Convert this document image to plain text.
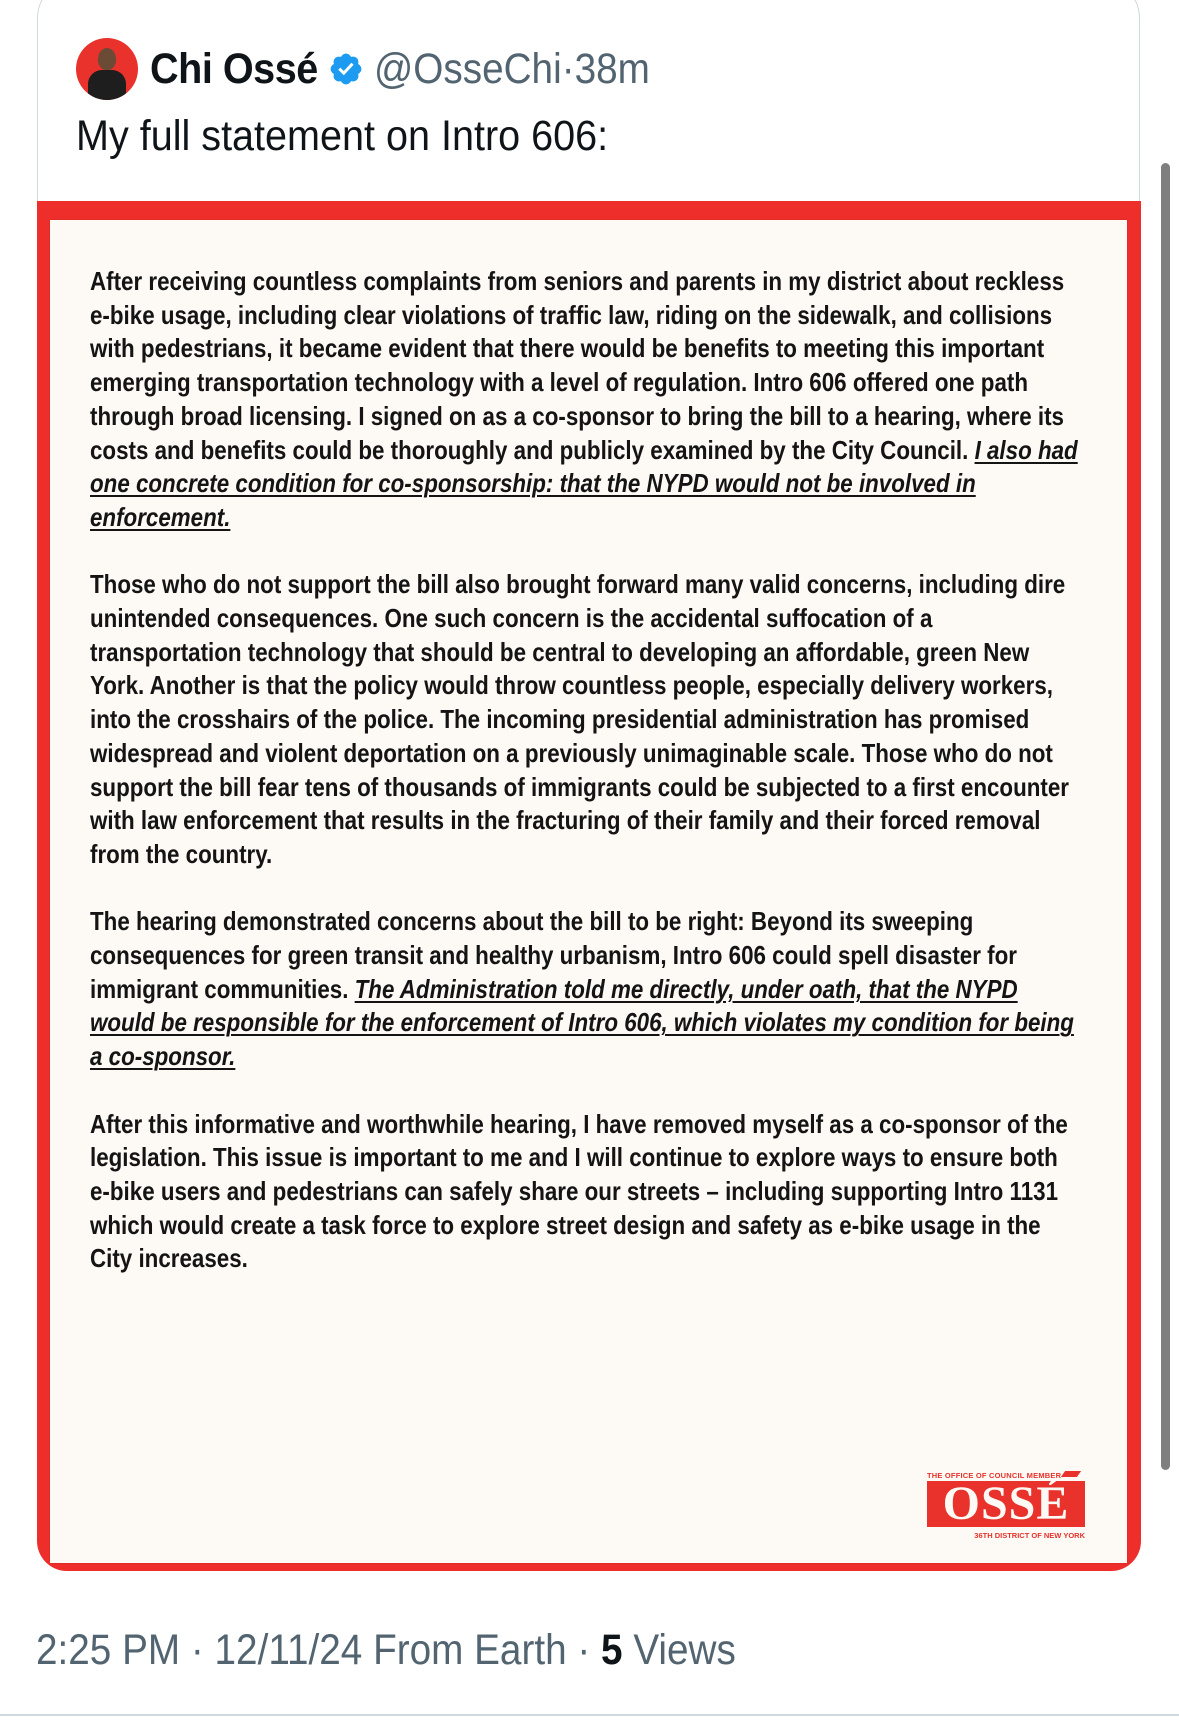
Chi Ossé @OsseChi·38m
My full statement on Intro 606:

After receiving countless complaints from seniors and parents in my district about reckless e-bike usage, including clear violations of traffic law, riding on the sidewalk, and collisions with pedestrians, it became evident that there would be benefits to meeting this important emerging transportation technology with a level of regulation. Intro 606 offered one path through broad licensing. I signed on as a co-sponsor to bring the bill to a hearing, where its costs and benefits could be thoroughly and publicly examined by the City Council. I also had one concrete condition for co-sponsorship: that the NYPD would not be involved in enforcement.

Those who do not support the bill also brought forward many valid concerns, including dire unintended consequences. One such concern is the accidental suffocation of a transportation technology that should be central to developing an affordable, green New York. Another is that the policy would throw countless people, especially delivery workers, into the crosshairs of the police. The incoming presidential administration has promised widespread and violent deportation on a previously unimaginable scale. Those who do not support the bill fear tens of thousands of immigrants could be subjected to a first encounter with law enforcement that results in the fracturing of their family and their forced removal from the country.

The hearing demonstrated concerns about the bill to be right: Beyond its sweeping consequences for green transit and healthy urbanism, Intro 606 could spell disaster for immigrant communities. The Administration told me directly, under oath, that the NYPD would be responsible for the enforcement of Intro 606, which violates my condition for being a co-sponsor.

After this informative and worthwhile hearing, I have removed myself as a co-sponsor of the legislation. This issue is important to me and I will continue to explore ways to ensure both e-bike users and pedestrians can safely share our streets – including supporting Intro 1131 which would create a task force to explore street design and safety as e-bike usage in the City increases.

THE OFFICE OF COUNCIL MEMBER
OSSÉ
36TH DISTRICT OF NEW YORK
2:25 PM · 12/11/24 From Earth · 5 Views
